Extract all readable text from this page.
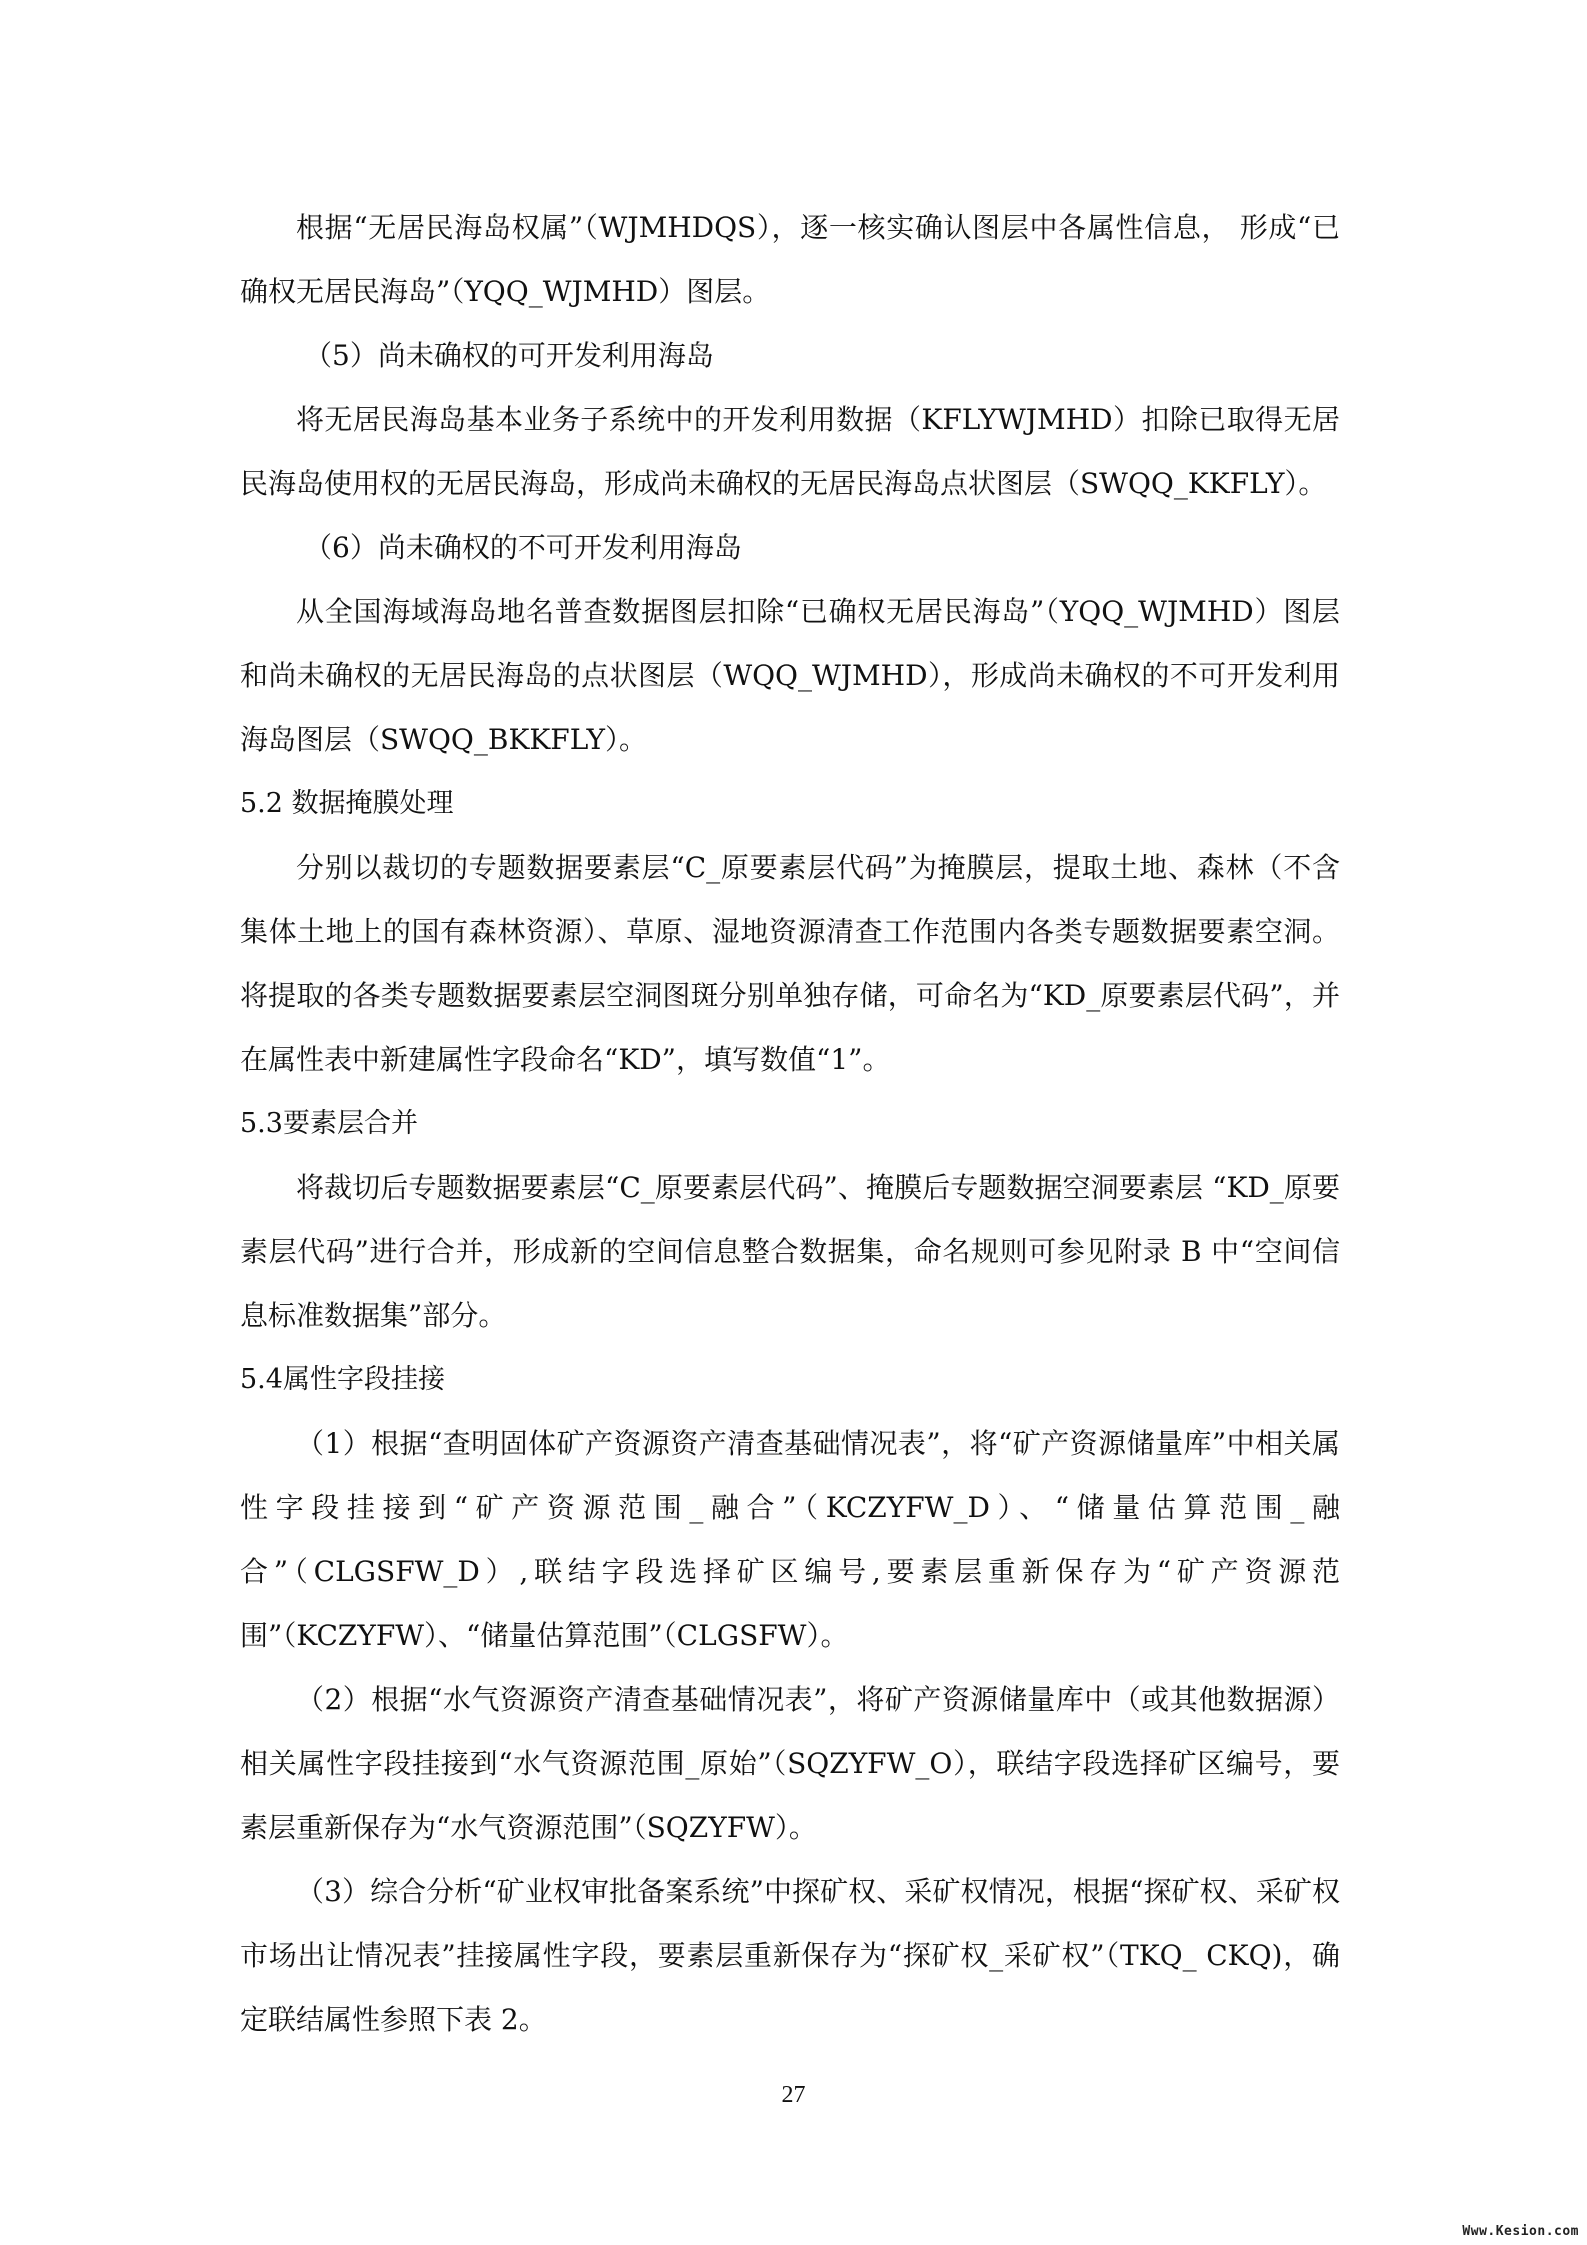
根据“无居民海岛权属”（WJMHDQS），逐一核实确认图层中各属性信息， 形成“已确权无居民海岛”（YQQ_WJMHD）图层。

（5）尚未确权的可开发利用海岛

将无居民海岛基本业务子系统中的开发利用数据（KFLYWJMHD）扣除已取得无居民海岛使用权的无居民海岛，形成尚未确权的无居民海岛点状图层（SWQQ_KKFLY）。

（6）尚未确权的不可开发利用海岛

从全国海域海岛地名普查数据图层扣除“已确权无居民海岛”（YQQ_WJMHD）图层和尚未确权的无居民海岛的点状图层（WQQ_WJMHD），形成尚未确权的不可开发利用海岛图层（SWQQ_BKKFLY）。

5.2 数据掩膜处理

分别以裁切的专题数据要素层“C_原要素层代码”为掩膜层，提取土地、森林（不含集体土地上的国有森林资源）、草原、湿地资源清查工作范围内各类专题数据要素空洞。将提取的各类专题数据要素层空洞图斑分别单独存储，可命名为“KD_原要素层代码”，并在属性表中新建属性字段命名“KD”，填写数值“1”。

5.3要素层合并

将裁切后专题数据要素层“C_原要素层代码”、掩膜后专题数据空洞要素层 “KD_原要素层代码”进行合并，形成新的空间信息整合数据集，命名规则可参见附录 B 中“空间信息标准数据集”部分。

5.4属性字段挂接

（1）根据“查明固体矿产资源资产清查基础情况表”，将“矿产资源储量库”中相关属性字段挂接到“矿产资源范围_融合”（KCZYFW_D）、“储量估算范围_融合”（CLGSFW_D）,联结字段选择矿区编号,要素层重新保存为“矿产资源范围”（KCZYFW）、“储量估算范围”（CLGSFW）。

（2）根据“水气资源资产清查基础情况表”，将矿产资源储量库中（或其他数据源）相关属性字段挂接到“水气资源范围_原始”（SQZYFW_O），联结字段选择矿区编号，要素层重新保存为“水气资源范围”（SQZYFW）。

（3）综合分析“矿业权审批备案系统”中探矿权、采矿权情况，根据“探矿权、采矿权市场出让情况表”挂接属性字段，要素层重新保存为“探矿权_采矿权”（TKQ_ CKQ)，确定联结属性参照下表 2。

27
Www.Kesion.com
